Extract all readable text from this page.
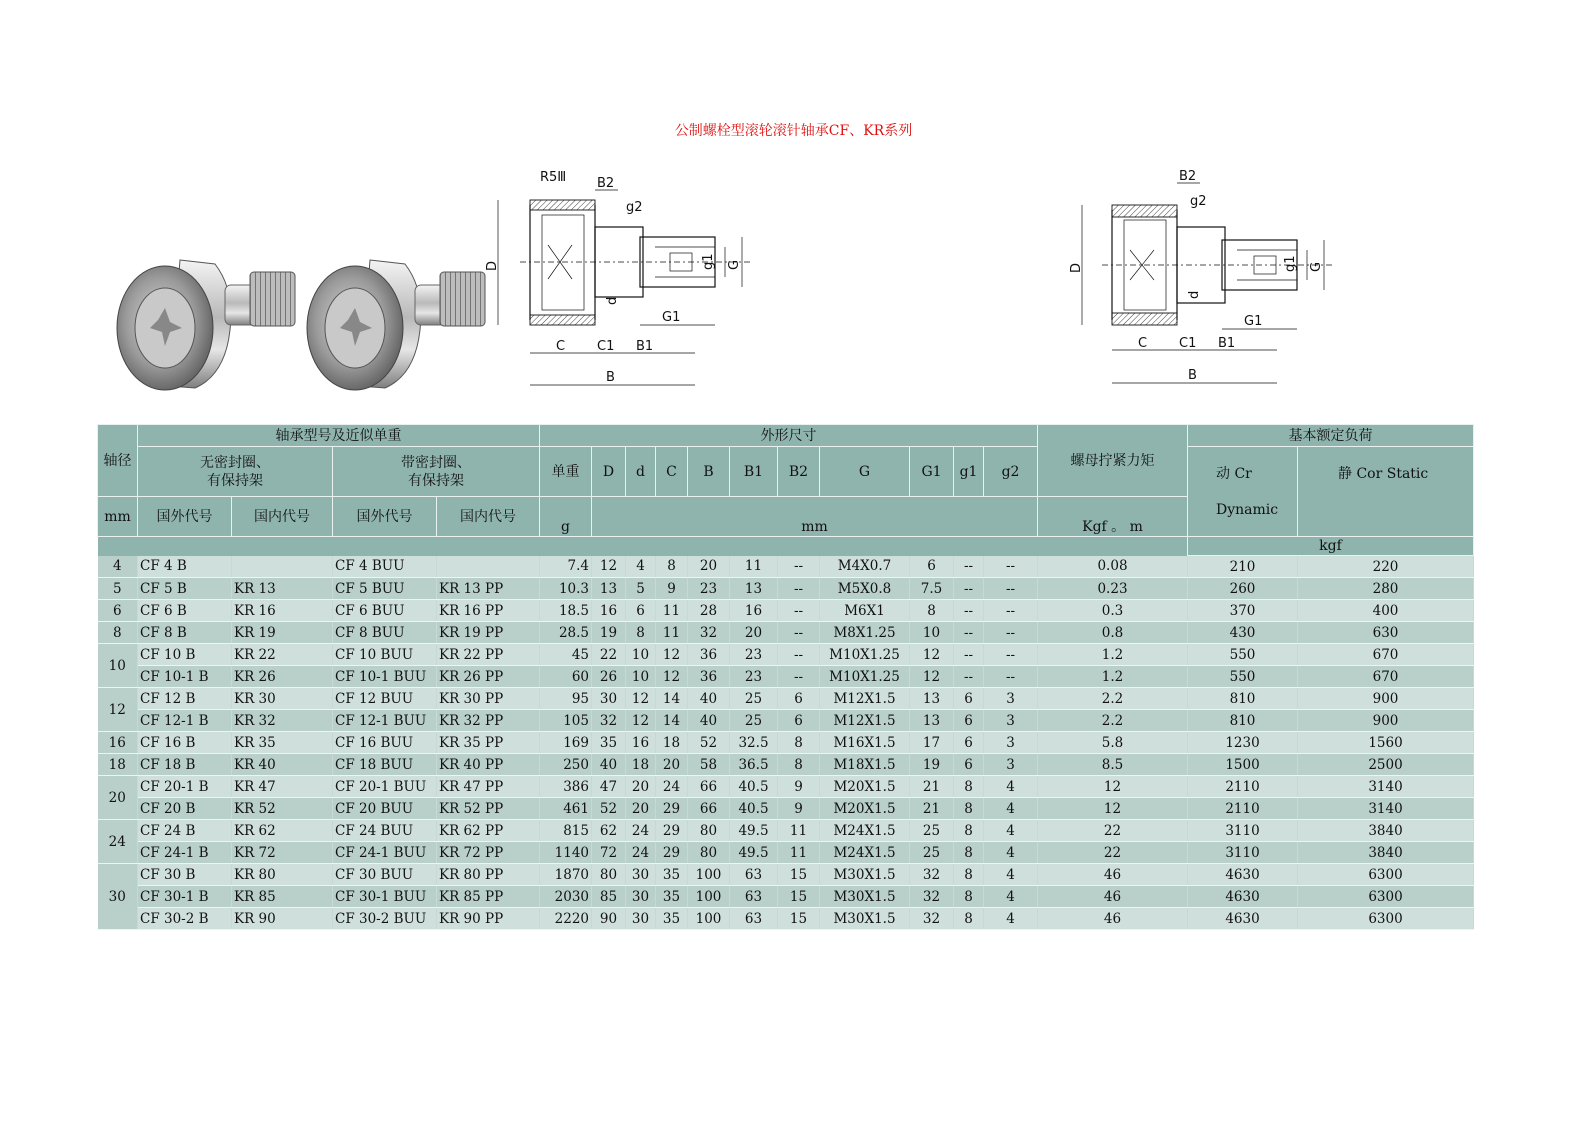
公制螺栓型滚轮滚针轴承CF、KR系列
D
C C1 B1
B
G1
B2
g2
R5Ⅲ
d
g1 G	D
C C1 B1
B
G1
B2
g2
d
g1 G
轴径	轴承型号及近似单重				外形尺寸											螺母拧紧力矩	基本额定负荷	
	无密封圈、
有保持架		带密封圈、
有保持架		单重	D	d	C	B	B1	B2	G	G1	g1	g2		动 Cr

Dynamic	静 Cor Static
mm	国外代号	国内代号	国外代号	国内代号	g	mm										Kgf 。 m		
																	kgf	
4	CF 4 B		CF 4 BUU		7.4	12	4	8	20	11	--	M4X0.7	6	--	--	0.08	210	220
5	CF 5 B	KR 13	CF 5 BUU	KR 13 PP	10.3	13	5	9	23	13	--	M5X0.8	7.5	--	--	0.23	260	280
6	CF 6 B	KR 16	CF 6 BUU	KR 16 PP	18.5	16	6	11	28	16	--	M6X1	8	--	--	0.3	370	400
8	CF 8 B	KR 19	CF 8 BUU	KR 19 PP	28.5	19	8	11	32	20	--	M8X1.25	10	--	--	0.8	430	630
10	CF 10 B	KR 22	CF 10 BUU	KR 22 PP	45	22	10	12	36	23	--	M10X1.25	12	--	--	1.2	550	670
	CF 10-1 B	KR 26	CF 10-1 BUU	KR 26 PP	60	26	10	12	36	23	--	M10X1.25	12	--	--	1.2	550	670
12	CF 12 B	KR 30	CF 12 BUU	KR 30 PP	95	30	12	14	40	25	6	M12X1.5	13	6	3	2.2	810	900
	CF 12-1 B	KR 32	CF 12-1 BUU	KR 32 PP	105	32	12	14	40	25	6	M12X1.5	13	6	3	2.2	810	900
16	CF 16 B	KR 35	CF 16 BUU	KR 35 PP	169	35	16	18	52	32.5	8	M16X1.5	17	6	3	5.8	1230	1560
18	CF 18 B	KR 40	CF 18 BUU	KR 40 PP	250	40	18	20	58	36.5	8	M18X1.5	19	6	3	8.5	1500	2500
20	CF 20-1 B	KR 47	CF 20-1 BUU	KR 47 PP	386	47	20	24	66	40.5	9	M20X1.5	21	8	4	12	2110	3140
	CF 20 B	KR 52	CF 20 BUU	KR 52 PP	461	52	20	29	66	40.5	9	M20X1.5	21	8	4	12	2110	3140
24	CF 24 B	KR 62	CF 24 BUU	KR 62 PP	815	62	24	29	80	49.5	11	M24X1.5	25	8	4	22	3110	3840
	CF 24-1 B	KR 72	CF 24-1 BUU	KR 72 PP	1140	72	24	29	80	49.5	11	M24X1.5	25	8	4	22	3110	3840
30	CF 30 B	KR 80	CF 30 BUU	KR 80 PP	1870	80	30	35	100	63	15	M30X1.5	32	8	4	46	4630	6300
	CF 30-1 B	KR 85	CF 30-1 BUU	KR 85 PP	2030	85	30	35	100	63	15	M30X1.5	32	8	4	46	4630	6300
	CF 30-2 B	KR 90	CF 30-2 BUU	KR 90 PP	2220	90	30	35	100	63	15	M30X1.5	32	8	4	46	4630	6300
